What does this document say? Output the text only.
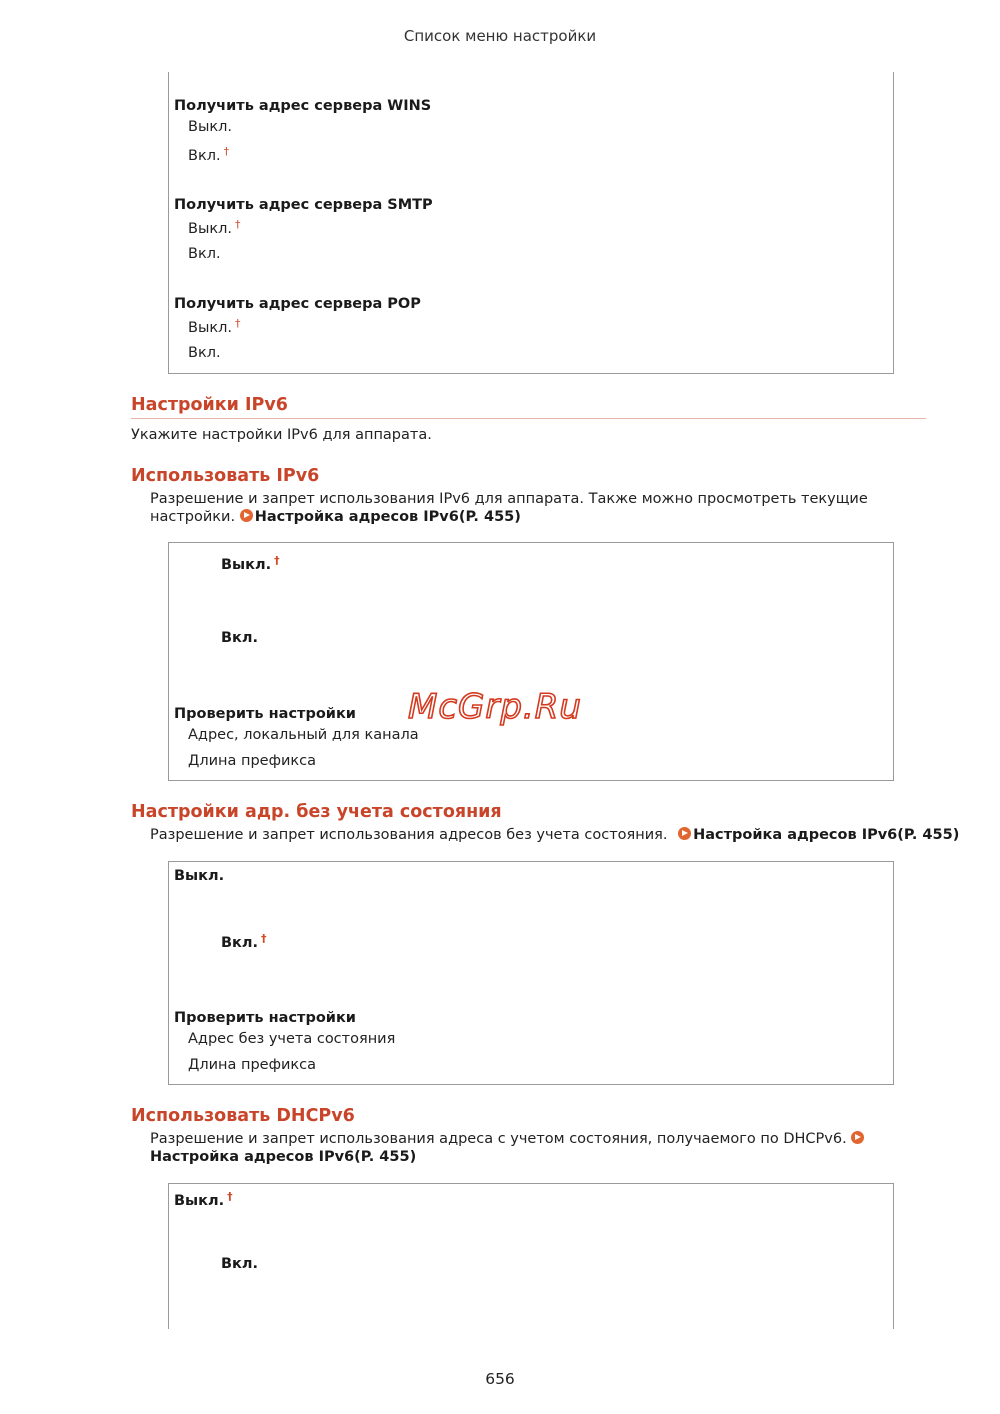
Список меню настройки
Получить адрес сервера WINS
Выкл.
Вкл. †
Получить адрес сервера SMTP
Выкл. †
Вкл.
Получить адрес сервера POP
Выкл. †
Вкл.
Настройки IPv6
Укажите настройки IPv6 для аппарата.
Использовать IPv6
Разрешение и запрет использования IPv6 для аппарата. Также можно просмотреть текущие
настройки. Настройка адресов IPv6(P. 455)
Выкл. †
Вкл.
Проверить настройки
Адрес, локальный для канала
Длина префикса
McGrp.Ru
Настройки адр. без учета состояния
Разрешение и запрет использования адресов без учета состояния. Настройка адресов IPv6(P. 455)
Выкл.
Вкл. †
Проверить настройки
Адрес без учета состояния
Длина префикса
Использовать DHCPv6
Разрешение и запрет использования адреса с учетом состояния, получаемого по DHCPv6.
Настройка адресов IPv6(P. 455)
Выкл. †
Вкл.
656
